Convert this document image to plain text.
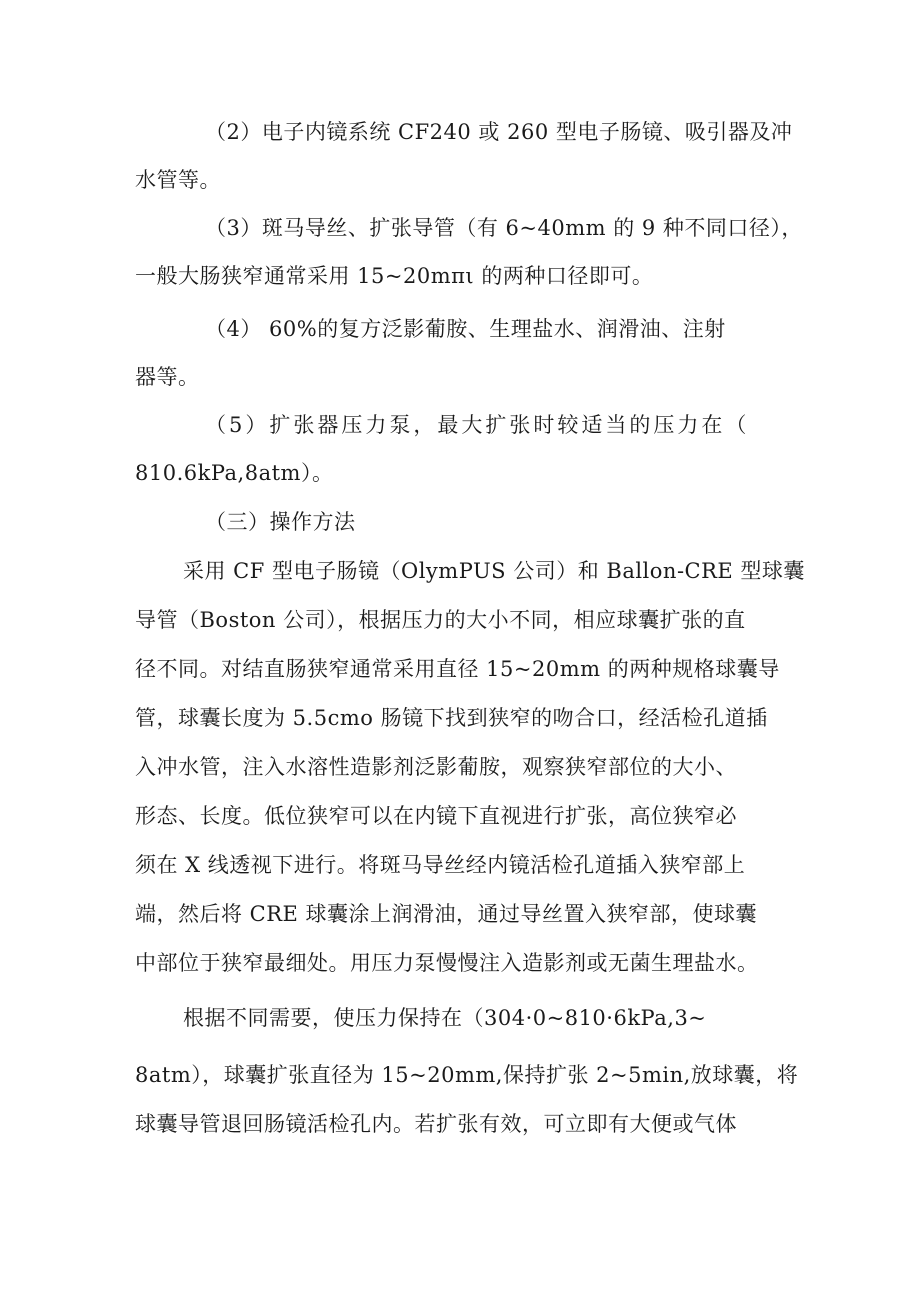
（2）电子内镜系统 CF240 或 260 型电子肠镜、吸引器及冲
水管等。
（3）斑马导丝、扩张导管（有 6~40mm 的 9 种不同口径），
一般大肠狭窄通常采用 15~20mπι 的两种口径即可。
（4） 60%的复方泛影葡胺、生理盐水、润滑油、注射
器等。
（5）扩张器压力泵，最大扩张时较适当的压力在（
810.6kPa,8atm）。
（三）操作方法
采用 CF 型电子肠镜（OlymPUS 公司）和 Ballon-CRE 型球囊
导管（Boston 公司），根据压力的大小不同，相应球囊扩张的直
径不同。对结直肠狭窄通常采用直径 15~20mm 的两种规格球囊导
管，球囊长度为 5.5cmo 肠镜下找到狭窄的吻合口，经活检孔道插
入冲水管，注入水溶性造影剂泛影葡胺，观察狭窄部位的大小、
形态、长度。低位狭窄可以在内镜下直视进行扩张，高位狭窄必
须在 X 线透视下进行。将斑马导丝经内镜活检孔道插入狭窄部上
端，然后将 CRE 球囊涂上润滑油，通过导丝置入狭窄部，使球囊
中部位于狭窄最细处。用压力泵慢慢注入造影剂或无菌生理盐水。
根据不同需要，使压力保持在（304·0~810·6kPa,3~
8atm），球囊扩张直径为 15~20mm,保持扩张 2~5min,放球囊，将
球囊导管退回肠镜活检孔内。若扩张有效，可立即有大便或气体
